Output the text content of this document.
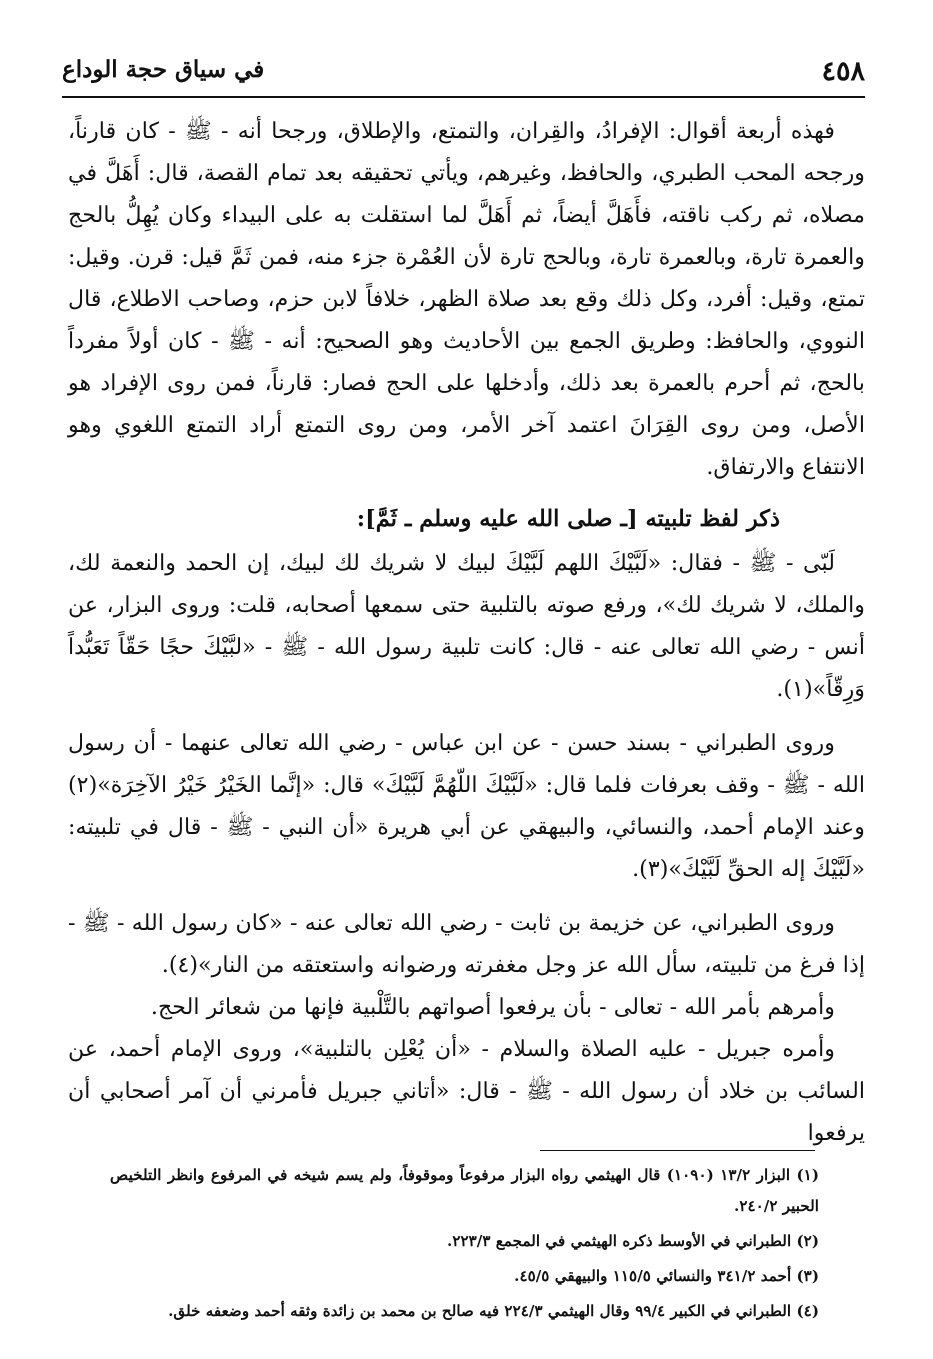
٤٥٨
في سياق حجة الوداع

فهذه أربعة أقوال: الإفرادُ، والقِران، والتمتع، والإطلاق، ورجحا أنه - ﷺ - كان قارناً، ورجحه المحب الطبري، والحافظ، وغيرهم، ويأتي تحقيقه بعد تمام القصة، قال: أَهَلَّ في مصلاه، ثم ركب ناقته، فأَهَلَّ أيضاً، ثم أَهَلَّ لما استقلت به على البيداء وكان يُهِلُّ بالحج والعمرة تارة، وبالعمرة تارة، وبالحج تارة لأن العُمْرة جزء منه، فمن ثَمَّ قيل: قرن. وقيل: تمتع، وقيل: أفرد، وكل ذلك وقع بعد صلاة الظهر، خلافاً لابن حزم، وصاحب الاطلاع، قال النووي، والحافظ: وطريق الجمع بين الأحاديث وهو الصحيح: أنه - ﷺ - كان أولاً مفرداً بالحج، ثم أحرم بالعمرة بعد ذلك، وأدخلها على الحج فصار: قارناً، فمن روى الإفراد هو الأصل، ومن روى القِرَانَ اعتمد آخر الأمر، ومن روى التمتع أراد التمتع اللغوي وهو الانتفاع والارتفاق.

ذكر لفظ تلبيته [ـ صلى الله عليه وسلم ـ ثَمَّ]:

لَبّى - ﷺ - فقال: «لَبَّيْكَ اللهم لَبَّيْكَ لبيك لا شريك لك لبيك، إن الحمد والنعمة لك، والملك، لا شريك لك»، ورفع صوته بالتلبية حتى سمعها أصحابه، قلت: وروى البزار، عن أنس - رضي الله تعالى عنه - قال: كانت تلبية رسول الله - ﷺ - «لبَّيْكَ حجًا حَقّاً تَعَبُّداً وَرِقّاً»(١).

وروى الطبراني - بسند حسن - عن ابن عباس - رضي الله تعالى عنهما - أن رسول الله - ﷺ - وقف بعرفات فلما قال: «لَبَّيْكَ اللّهُمَّ لَبَّيْكَ» قال: «إنَّما الخَيْرُ خَيْرُ الآخِرَة»(٢) وعند الإمام أحمد، والنسائي، والبيهقي عن أبي هريرة «أن النبي - ﷺ - قال في تلبيته: «لَبَّيْكَ إله الحقِّ لَبَّيْكَ»(٣).

وروى الطبراني، عن خزيمة بن ثابت - رضي الله تعالى عنه - «كان رسول الله - ﷺ - إذا فرغ من تلبيته، سأل الله عز وجل مغفرته ورضوانه واستعتقه من النار»(٤).

وأمرهم بأمر الله - تعالى - بأن يرفعوا أصواتهم بالتَّلْبية فإنها من شعائر الحج.

وأمره جبريل - عليه الصلاة والسلام - «أن يُعْلِن بالتلبية»، وروى الإمام أحمد، عن السائب بن خلاد أن رسول الله - ﷺ - قال: «أتاني جبريل فأمرني أن آمر أصحابي أن يرفعوا

(١) البزار ١٣/٢ (١٠٩٠) قال الهيثمي رواه البزار مرفوعاً وموقوفاً، ولم يسم شيخه في المرفوع وانظر التلخيص الحبير ٢٤٠/٢.

(٢) الطبراني في الأوسط ذكره الهيثمي في المجمع ٢٢٣/٣.

(٣) أحمد ٣٤١/٢ والنسائي ١١٥/٥ والبيهقي ٤٥/٥.

(٤) الطبراني في الكبير ٩٩/٤ وقال الهيثمي ٢٢٤/٣ فيه صالح بن محمد بن زائدة وثقه أحمد وضعفه خلق.
